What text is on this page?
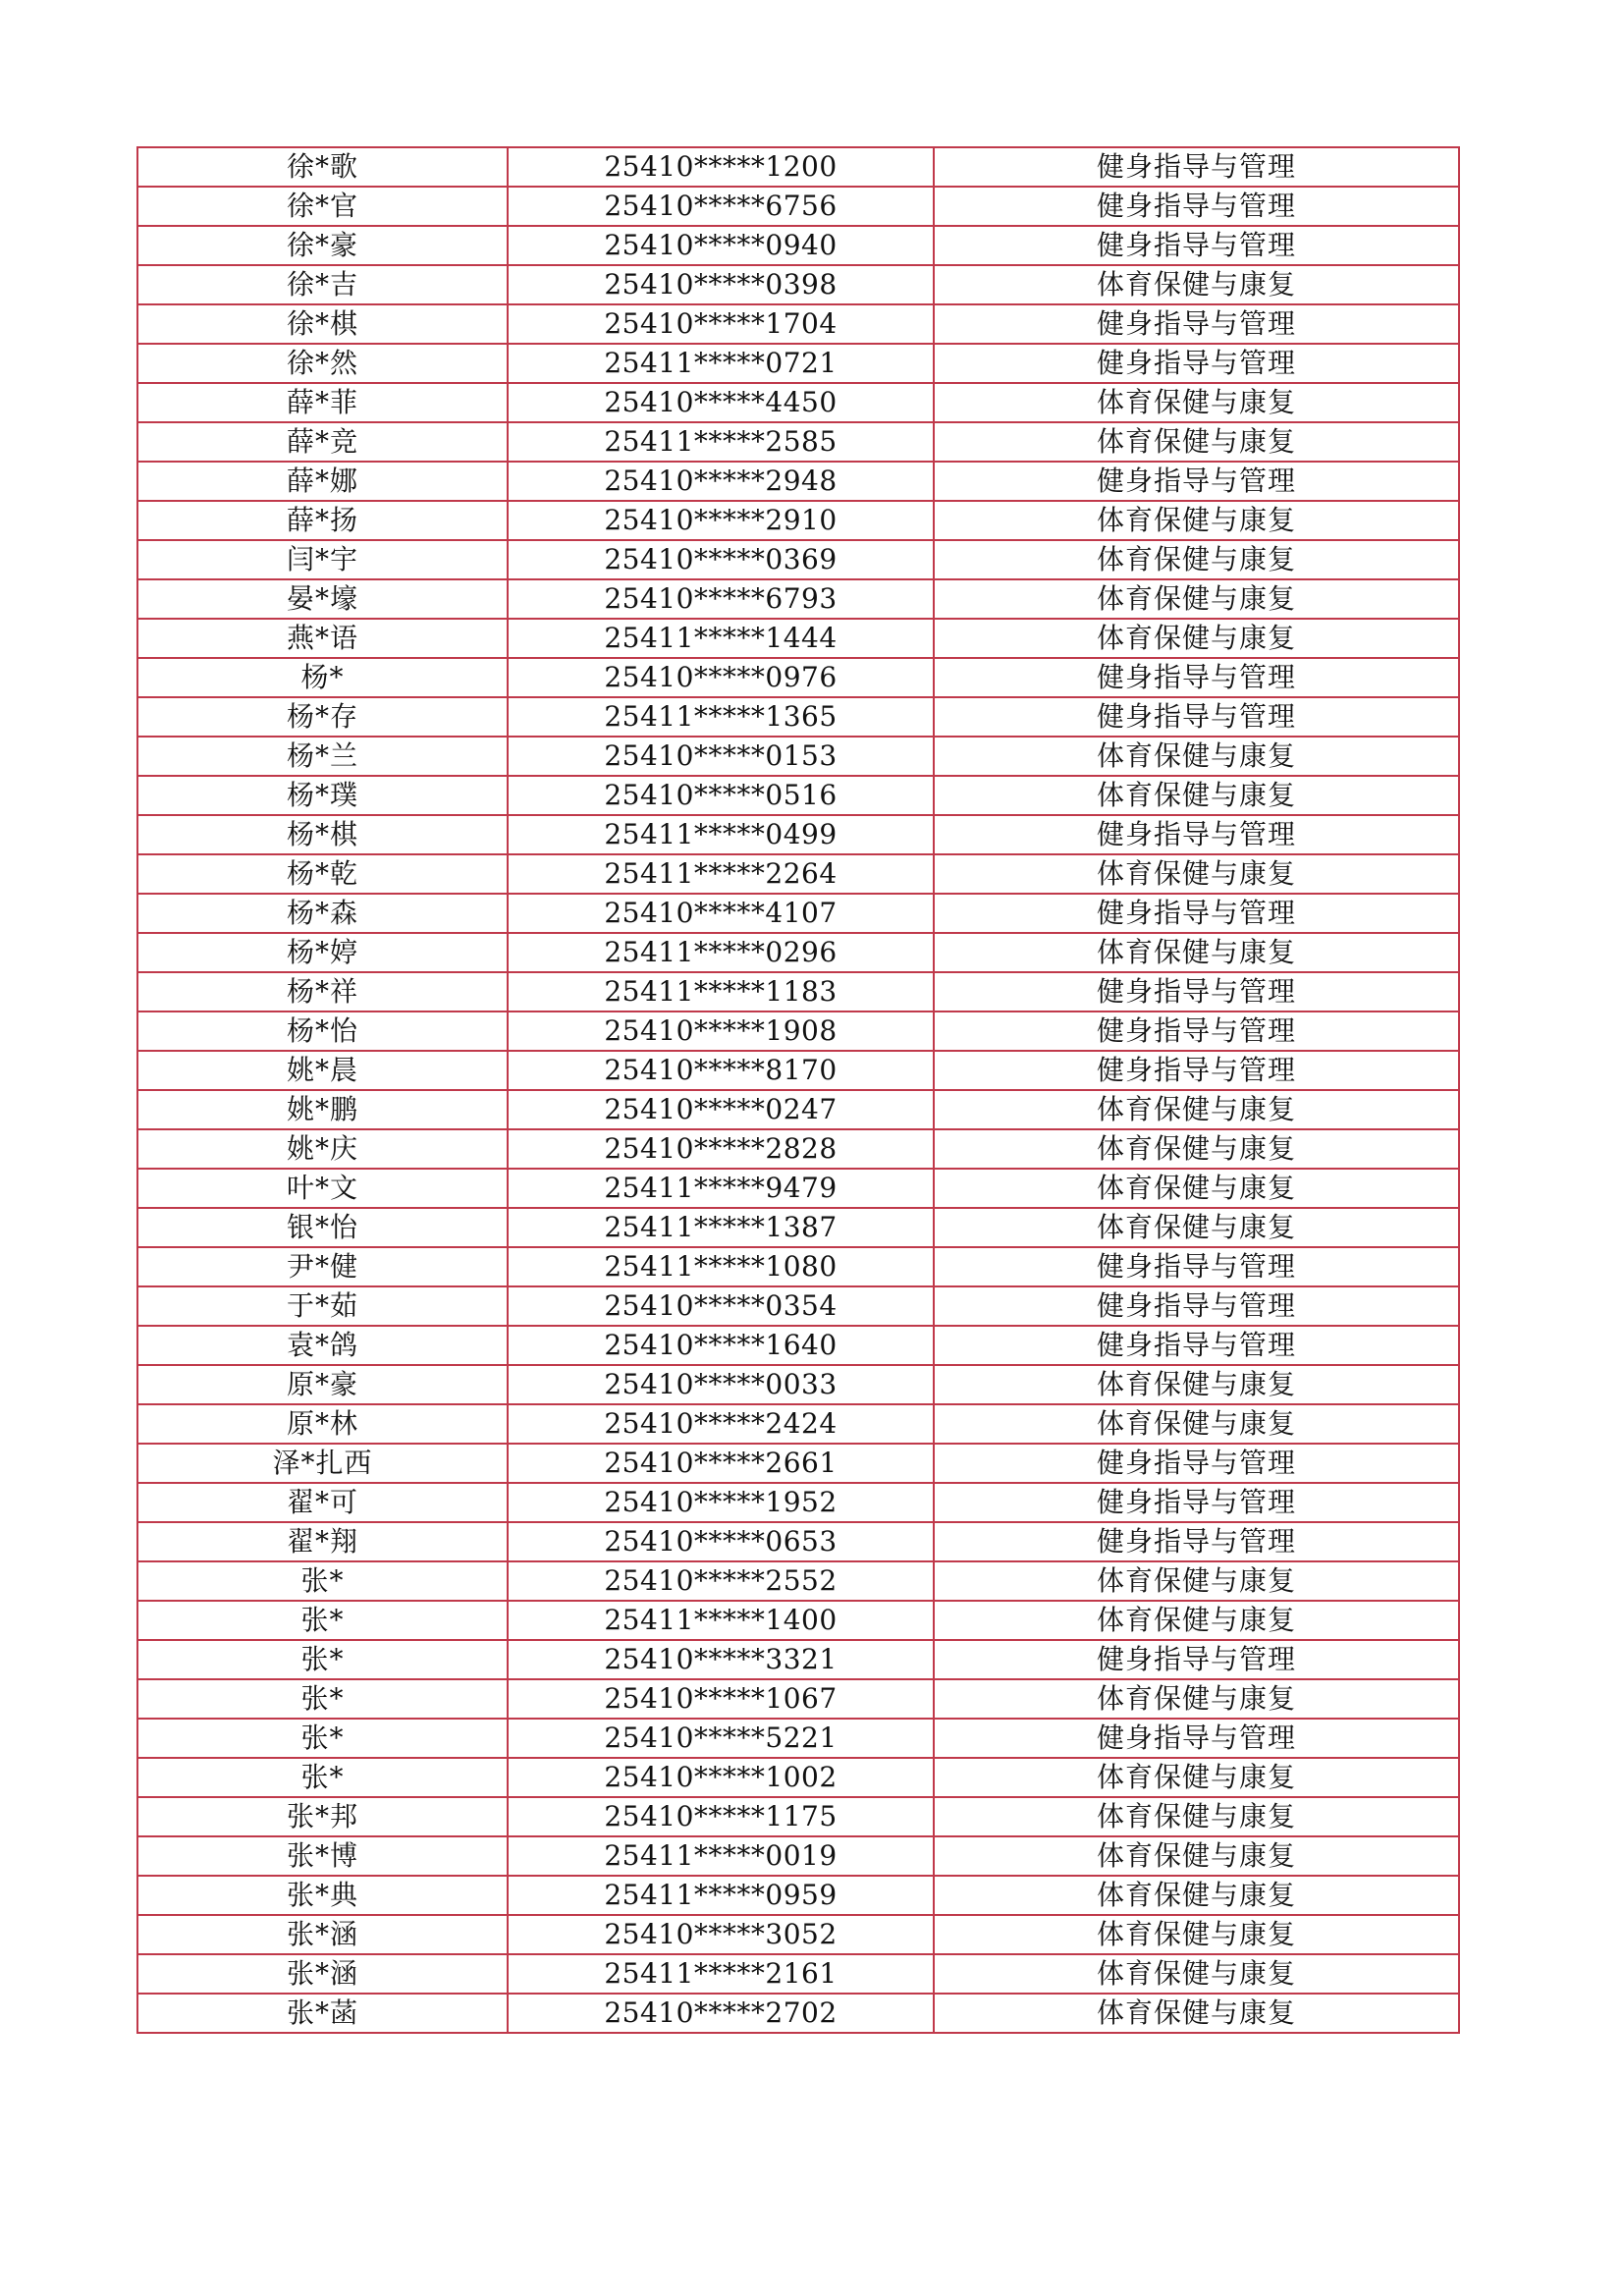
徐*歌	25410*****1200	健身指导与管理
徐*官	25410*****6756	健身指导与管理
徐*豪	25410*****0940	健身指导与管理
徐*吉	25410*****0398	体育保健与康复
徐*棋	25410*****1704	健身指导与管理
徐*然	25411*****0721	健身指导与管理
薛*菲	25410*****4450	体育保健与康复
薛*竞	25411*****2585	体育保健与康复
薛*娜	25410*****2948	健身指导与管理
薛*扬	25410*****2910	体育保健与康复
闫*宇	25410*****0369	体育保健与康复
晏*壕	25410*****6793	体育保健与康复
燕*语	25411*****1444	体育保健与康复
杨*	25410*****0976	健身指导与管理
杨*存	25411*****1365	健身指导与管理
杨*兰	25410*****0153	体育保健与康复
杨*璞	25410*****0516	体育保健与康复
杨*棋	25411*****0499	健身指导与管理
杨*乾	25411*****2264	体育保健与康复
杨*森	25410*****4107	健身指导与管理
杨*婷	25411*****0296	体育保健与康复
杨*祥	25411*****1183	健身指导与管理
杨*怡	25410*****1908	健身指导与管理
姚*晨	25410*****8170	健身指导与管理
姚*鹏	25410*****0247	体育保健与康复
姚*庆	25410*****2828	体育保健与康复
叶*文	25411*****9479	体育保健与康复
银*怡	25411*****1387	体育保健与康复
尹*健	25411*****1080	健身指导与管理
于*茹	25410*****0354	健身指导与管理
袁*鸽	25410*****1640	健身指导与管理
原*豪	25410*****0033	体育保健与康复
原*林	25410*****2424	体育保健与康复
泽*扎西	25410*****2661	健身指导与管理
翟*可	25410*****1952	健身指导与管理
翟*翔	25410*****0653	健身指导与管理
张*	25410*****2552	体育保健与康复
张*	25411*****1400	体育保健与康复
张*	25410*****3321	健身指导与管理
张*	25410*****1067	体育保健与康复
张*	25410*****5221	健身指导与管理
张*	25410*****1002	体育保健与康复
张*邦	25410*****1175	体育保健与康复
张*博	25411*****0019	体育保健与康复
张*典	25411*****0959	体育保健与康复
张*涵	25410*****3052	体育保健与康复
张*涵	25411*****2161	体育保健与康复
张*菡	25410*****2702	体育保健与康复
